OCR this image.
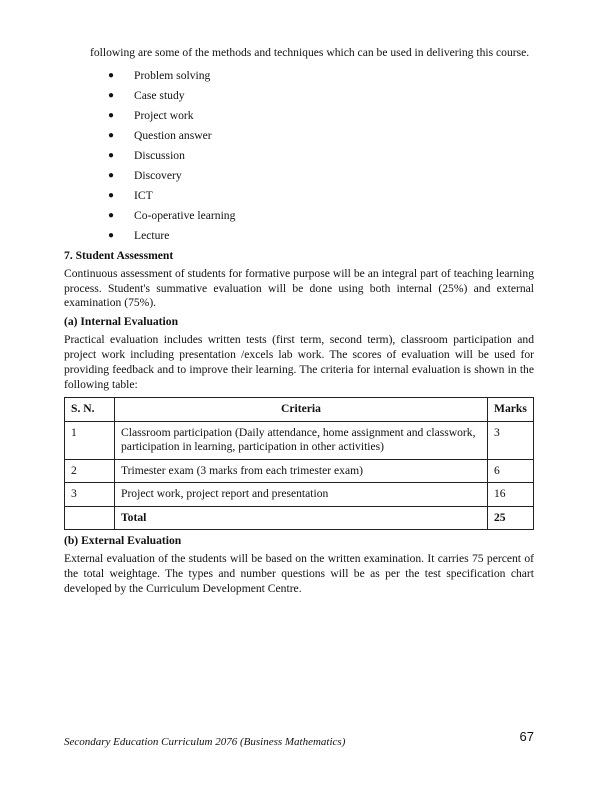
following are some of the methods and techniques which can be used in delivering this course.

● Problem solving
● Case study
● Project work
● Question answer
● Discussion
● Discovery
● ICT
● Co-operative learning
● Lecture
7. Student Assessment

Continuous assessment of students for formative purpose will be an integral part of teaching learning process. Student's summative evaluation will be done using both internal (25%) and external examination (75%).

(a) Internal Evaluation

Practical evaluation includes written tests (first term, second term), classroom participation and project work including presentation /excels lab work. The scores of evaluation will be used for providing feedback and to improve their learning. The criteria for internal evaluation is shown in the following table:

S. N.	Criteria	Marks
1	Classroom participation (Daily attendance, home assignment and classwork, participation in learning, participation in other activities)	3
2	Trimester exam (3 marks from each trimester exam)	6
3	Project work, project report and presentation	16
	Total	25
(b) External Evaluation

External evaluation of the students will be based on the written examination. It carries 75 percent of the total weightage. The types and number questions will be as per the test specification chart developed by the Curriculum Development Centre.

Secondary Education Curriculum 2076 (Business Mathematics)	67
